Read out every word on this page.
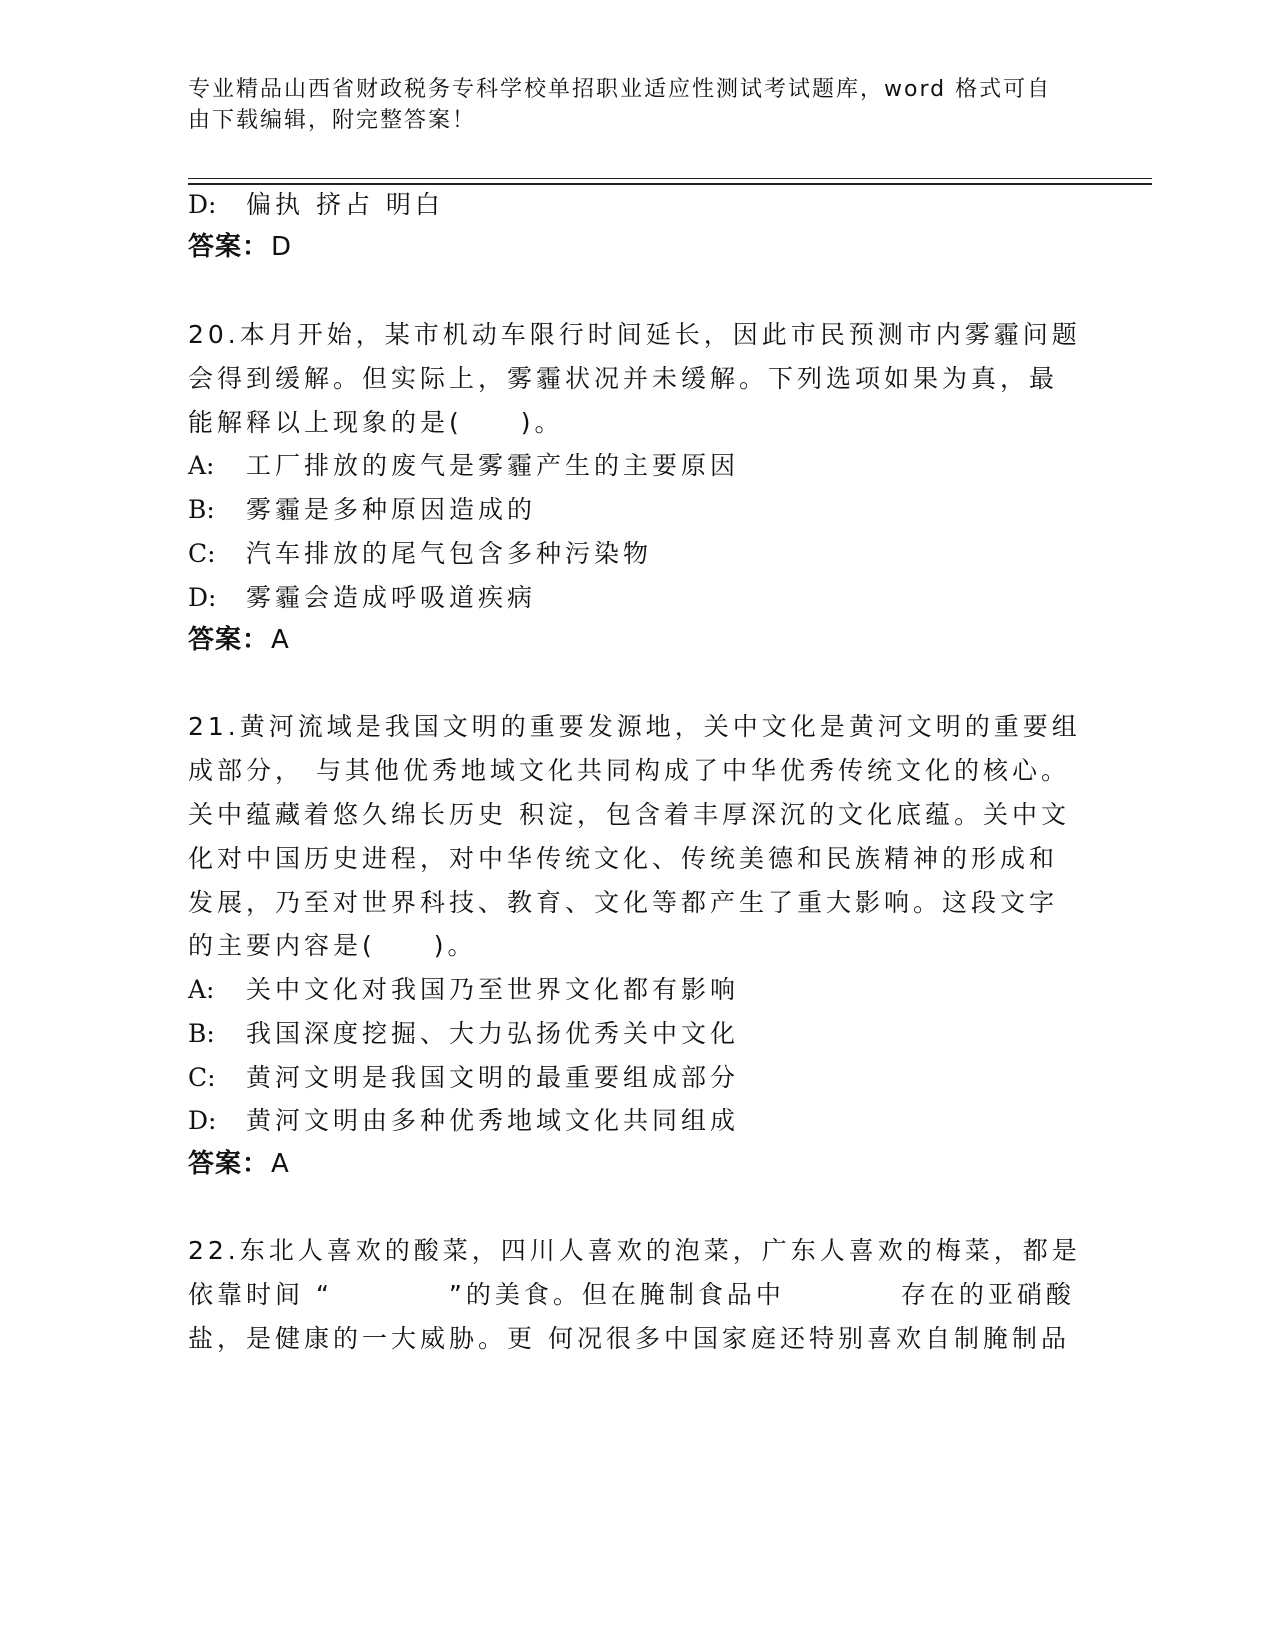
专业精品山西省财政税务专科学校单招职业适应性测试考试题库，word 格式可自
由下载编辑，附完整答案！
D: 偏执 挤占 明白
答案：D
20.本月开始，某市机动车限行时间延长，因此市民预测市内雾霾问题
会得到缓解。但实际上，雾霾状况并未缓解。下列选项如果为真，最
能解释以上现象的是(　　)。
A: 工厂排放的废气是雾霾产生的主要原因
B: 雾霾是多种原因造成的
C: 汽车排放的尾气包含多种污染物
D: 雾霾会造成呼吸道疾病
答案：A
21.黄河流域是我国文明的重要发源地，关中文化是黄河文明的重要组
成部分， 与其他优秀地域文化共同构成了中华优秀传统文化的核心。
关中蕴藏着悠久绵长历史 积淀，包含着丰厚深沉的文化底蕴。关中文
化对中国历史进程，对中华传统文化、传统美德和民族精神的形成和
发展，乃至对世界科技、教育、文化等都产生了重大影响。这段文字
的主要内容是(　　)。
A: 关中文化对我国乃至世界文化都有影响
B: 我国深度挖掘、大力弘扬优秀关中文化
C: 黄河文明是我国文明的最重要组成部分
D: 黄河文明由多种优秀地域文化共同组成
答案：A
22.东北人喜欢的酸菜，四川人喜欢的泡菜，广东人喜欢的梅菜，都是
依靠时间 “　　　　”的美食。但在腌制食品中　　　　存在的亚硝酸
盐，是健康的一大威胁。更 何况很多中国家庭还特别喜欢自制腌制品
